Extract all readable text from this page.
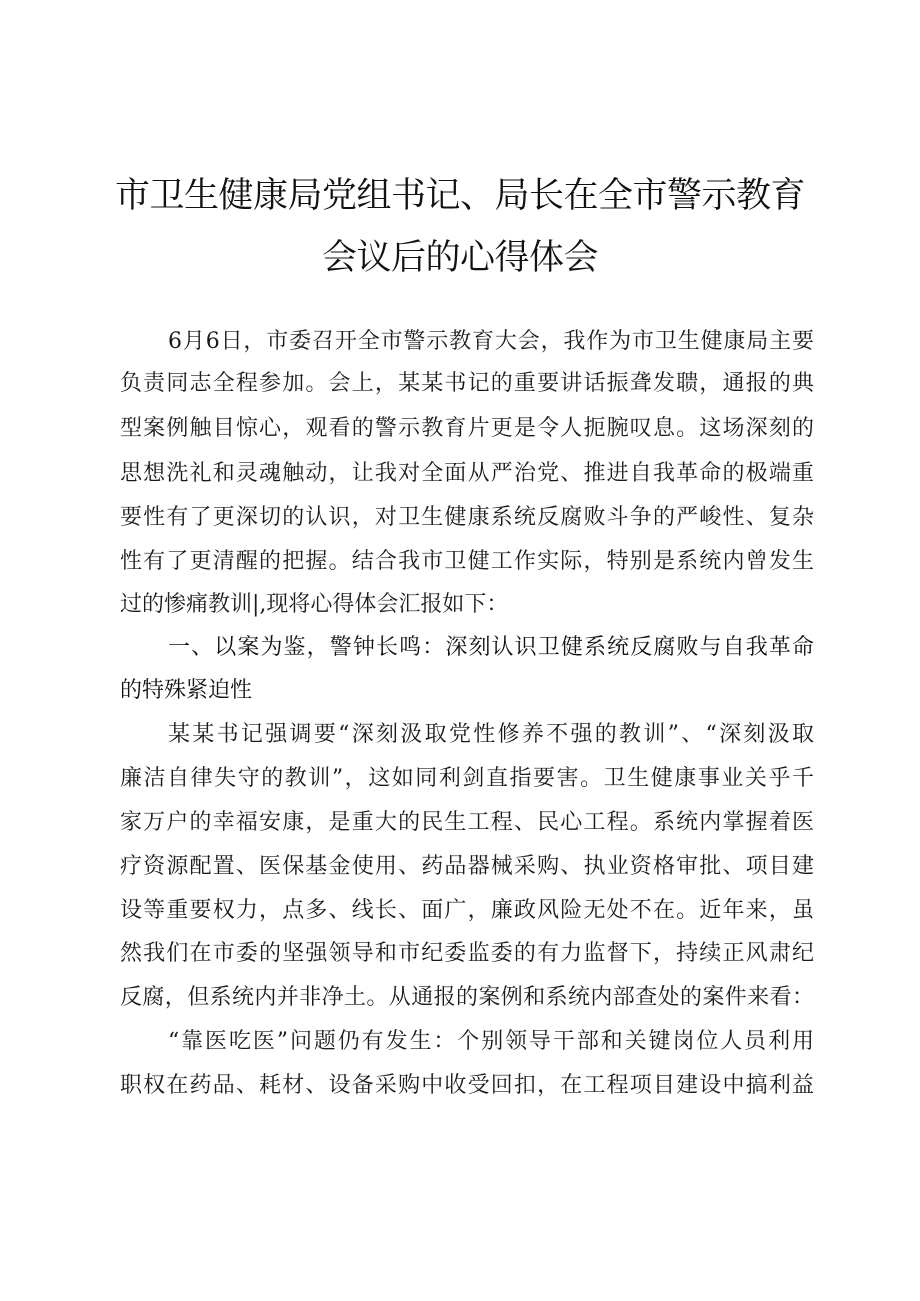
市卫生健康局党组书记、局长在全市警示教育
会议后的心得体会

6月6日，市委召开全市警示教育大会，我作为市卫生健康局主要

负责同志全程参加。会上，某某书记的重要讲话振聋发聩，通报的典

型案例触目惊心，观看的警示教育片更是令人扼腕叹息。这场深刻的

思想洗礼和灵魂触动，让我对全面从严治党、推进自我革命的极端重

要性有了更深切的认识，对卫生健康系统反腐败斗争的严峻性、复杂

性有了更清醒的把握。结合我市卫健工作实际，特别是系统内曾发生

过的惨痛教训|,现将心得体会汇报如下：

一、以案为鉴，警钟长鸣：深刻认识卫健系统反腐败与自我革命

的特殊紧迫性

某某书记强调要“深刻汲取党性修养不强的教训”、“深刻汲取

廉洁自律失守的教训”，这如同利剑直指要害。卫生健康事业关乎千

家万户的幸福安康，是重大的民生工程、民心工程。系统内掌握着医

疗资源配置、医保基金使用、药品器械采购、执业资格审批、项目建

设等重要权力，点多、线长、面广，廉政风险无处不在。近年来，虽

然我们在市委的坚强领导和市纪委监委的有力监督下，持续正风肃纪

反腐，但系统内并非净土。从通报的案例和系统内部查处的案件来看：

“靠医吃医”问题仍有发生：个别领导干部和关键岗位人员利用

职权在药品、耗材、设备采购中收受回扣，在工程项目建设中搞利益
